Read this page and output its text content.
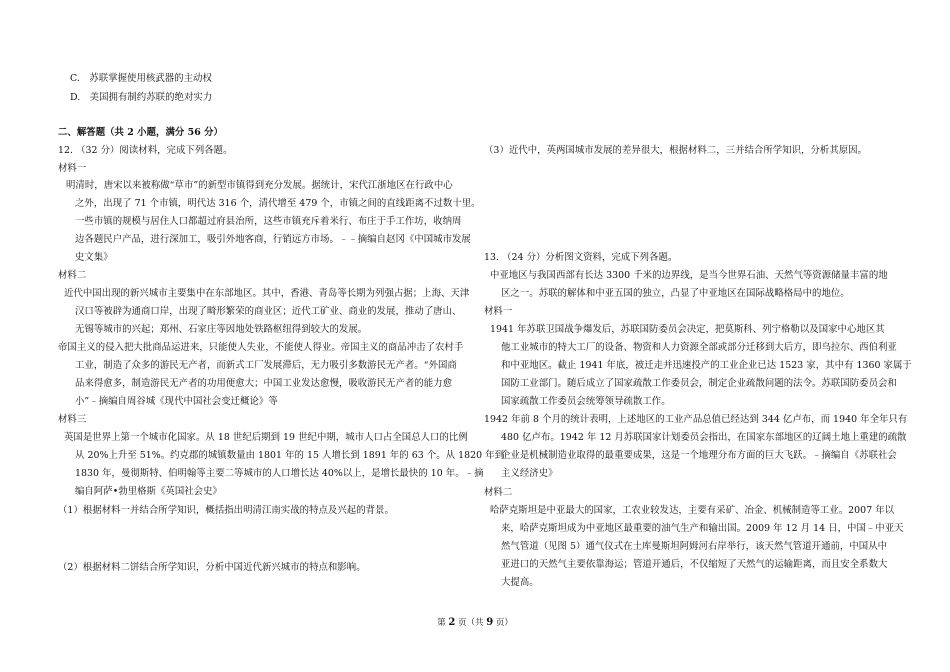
C.　苏联掌握使用核武器的主动权
D.　美国拥有制约苏联的绝对实力
二、解答题（共 2 小题，满分 56 分）
12. （32 分）阅读材料，完成下列各题。
材料一
明清时，唐宋以来被称做“草市”的新型市镇得到充分发展。据统计，宋代江浙地区在行政中心
之外，出现了 71 个市镇，明代达 316 个，清代增至 479 个，市镇之间的直线距离不过数十里。
一些市镇的规模与居住人口都超过府县治所，这些市镇充斥着米行、布庄于手工作坊，收纳周
边各题民户产品，进行深加工，吸引外地客商，行销远方市场。﹣﹣摘编自赵冈《中国城市发展
史文集》
材料二
近代中国出现的新兴城市主要集中在东部地区。其中，香港、青岛等长期为列强占据；上海、天津
汉口等被辟为通商口岸，出现了畸形繁荣的商业区；近代工矿业、商业的发展，推动了唐山、
无锡等城市的兴起；郑州、石家庄等因地处铁路枢纽得到较大的发展。
帝国主义的侵入把大批商品运进来，只能使人失业，不能使人得业。帝国主义的商品冲击了农村手
工业，制造了众多的游民无产者，而新式工厂发展滞后，无力吸引多数游民无产者。“外国商
品来得愈多，制造游民无产者的功用便愈大；中国工业发达愈慢，吸收游民无产者的能力愈
小”﹣摘编自周谷城《现代中国社会变迁概论》等
材料三
英国是世界上第一个城市化国家。从 18 世纪后期到 19 世纪中期，城市人口占全国总人口的比例
从 20%上升至 51%。约克郡的城镇数量由 1801 年的 15 人增长到 1891 年的 63 个。从 1820 年到
1830 年，曼彻斯特、伯明翰等主要二等城市的人口增长达 40%以上，是增长最快的 10 年。﹣摘
编自阿萨•勃里格斯《英国社会史》
（1）根据材料一并结合所学知识，概括指出明清江南实战的特点及兴起的背景。
（2）根据材料二饼结合所学知识，分析中国近代新兴城市的特点和影响。
（3）近代中，英两国城市发展的差异很大，根据材料二，三并结合所学知识，分析其原因。
13. （24 分）分析图文资料，完成下列各题。
中亚地区与我国西部有长达 3300 千米的边界线，是当今世界石油、天然气等资源储量丰富的地
区之一。苏联的解体和中亚五国的独立，凸显了中亚地区在国际战略格局中的地位。
材料一
1941 年苏联卫国战争爆发后，苏联国防委员会决定，把莫斯科、列宁格勒以及国家中心地区其
他工业城市的特大工厂的设备、物资和人力资源全部或部分迁移到大后方，即乌拉尔、西伯利亚
和中亚地区。截止 1941 年底，被迁走并迅速投产的工业企业已达 1523 家，其中有 1360 家属于
国防工业部门。随后成立了国家疏散工作委员会，制定企业疏散问题的法令。苏联国防委员会和
国家疏散工作委员会统筹领导疏散工作。
1942 年前 8 个月的统计表明，上述地区的工业产品总值已经达到 344 亿卢布，而 1940 年全年只有
480 亿卢布。1942 年 12 月苏联国家计划委员会指出，在国家东部地区的辽阔土地上重建的疏散
企业是机械制造业取得的最重要成果，这是一个地理分布方面的巨大飞跃。﹣摘编自《苏联社会
主义经济史》
材料二
哈萨克斯坦是中亚最大的国家，工农业较发达，主要有采矿、冶金、机械制造等工业。2007 年以
来，哈萨克斯坦成为中亚地区最重要的油气生产和输出国。2009 年 12 月 14 日，中国﹣中亚天
然气管道（见图 5）通气仪式在土库曼斯坦阿姆河右岸举行，该天然气管道开通前，中国从中
亚进口的天然气主要依靠海运；管道开通后，不仅缩短了天然气的运输距离，而且安全系数大
大提高。
第 2 页（共 9 页）
